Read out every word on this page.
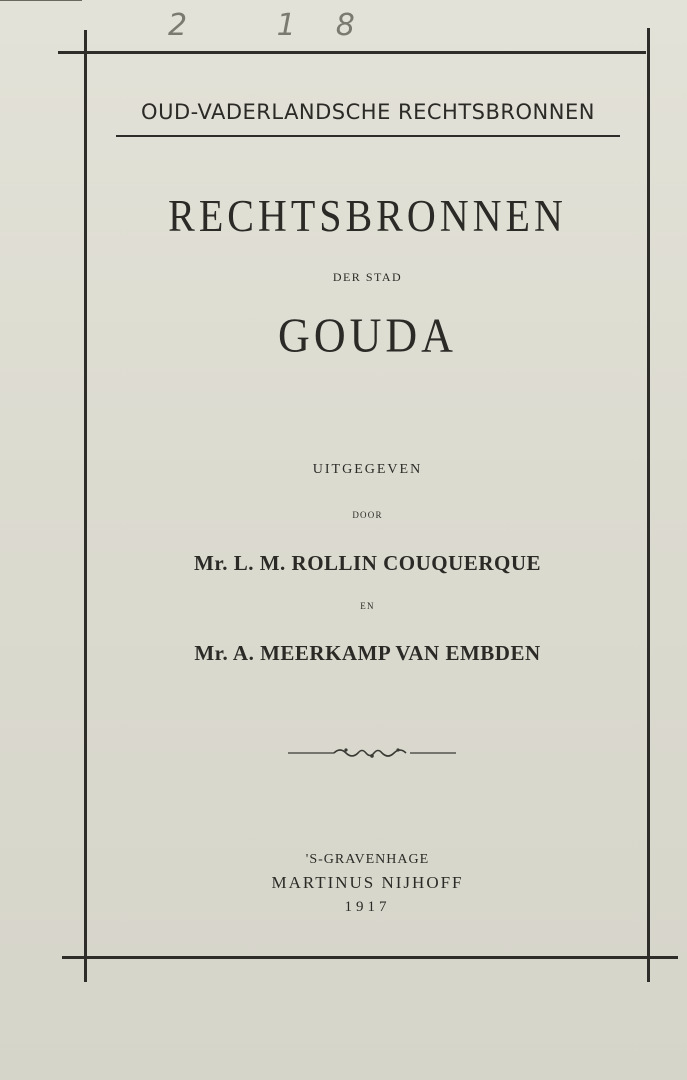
2 18
OUD-VADERLANDSCHE RECHTSBRONNEN
RECHTSBRONNEN
DER STAD
GOUDA
UITGEGEVEN
DOOR
Mr. L. M. ROLLIN COUQUERQUE
EN
Mr. A. MEERKAMP VAN EMBDEN
'S-GRAVENHAGE
MARTINUS NIJHOFF
1917
